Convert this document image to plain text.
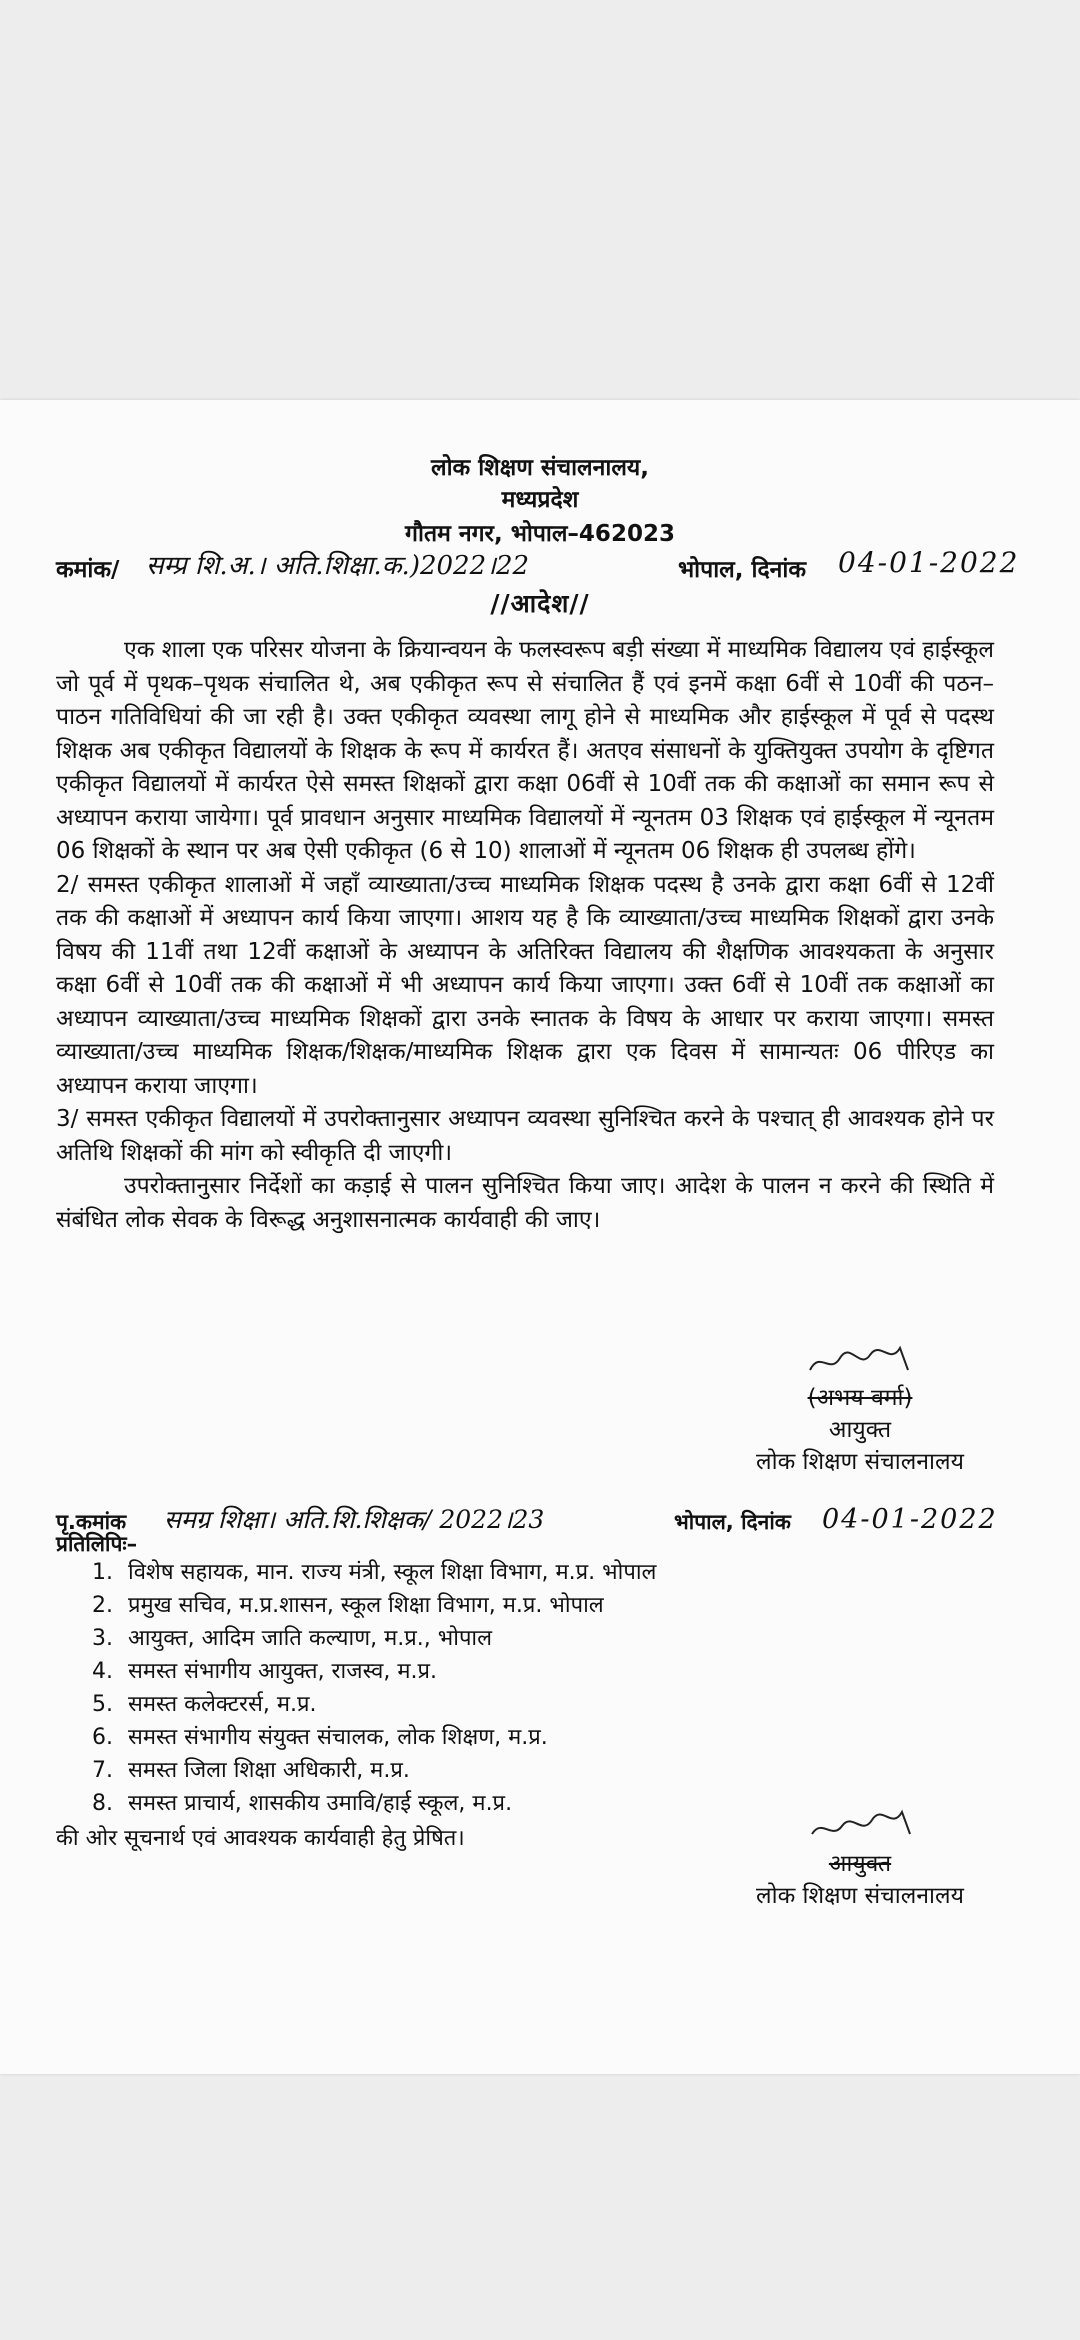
लोक शिक्षण संचालनालय,
मध्यप्रदेश
गौतम नगर, भोपाल–462023
कमांक/ सम्प्र शि.अ.। अति.शिक्षा.क.)2022।22	भोपाल, दिनांक 04-01-2022
//आदेश//

एक शाला एक परिसर योजना के क्रियान्वयन के फलस्वरूप बड़ी संख्या में माध्यमिक विद्यालय एवं हाईस्कूल जो पूर्व में पृथक–पृथक संचालित थे, अब एकीकृत रूप से संचालित हैं एवं इनमें कक्षा 6वीं से 10वीं की पठन–पाठन गतिविधियां की जा रही है। उक्त एकीकृत व्यवस्था लागू होने से माध्यमिक और हाईस्कूल में पूर्व से पदस्थ शिक्षक अब एकीकृत विद्यालयों के शिक्षक के रूप में कार्यरत हैं। अतएव संसाधनों के युक्तियुक्त उपयोग के दृष्टिगत एकीकृत विद्यालयों में कार्यरत ऐसे समस्त शिक्षकों द्वारा कक्षा 06वीं से 10वीं तक की कक्षाओं का समान रूप से अध्यापन कराया जायेगा। पूर्व प्रावधान अनुसार माध्यमिक विद्यालयों में न्यूनतम 03 शिक्षक एवं हाईस्कूल में न्यूनतम 06 शिक्षकों के स्थान पर अब ऐसी एकीकृत (6 से 10) शालाओं में न्यूनतम 06 शिक्षक ही उपलब्ध होंगे।

2/ समस्त एकीकृत शालाओं में जहाँ व्याख्याता/उच्च माध्यमिक शिक्षक पदस्थ है उनके द्वारा कक्षा 6वीं से 12वीं तक की कक्षाओं में अध्यापन कार्य किया जाएगा। आशय यह है कि व्याख्याता/उच्च माध्यमिक शिक्षकों द्वारा उनके विषय की 11वीं तथा 12वीं कक्षाओं के अध्यापन के अतिरिक्त विद्यालय की शैक्षणिक आवश्यकता के अनुसार कक्षा 6वीं से 10वीं तक की कक्षाओं में भी अध्यापन कार्य किया जाएगा। उक्त 6वीं से 10वीं तक कक्षाओं का अध्यापन व्याख्याता/उच्च माध्यमिक शिक्षकों द्वारा उनके स्नातक के विषय के आधार पर कराया जाएगा। समस्त व्याख्याता/उच्च माध्यमिक शिक्षक/शिक्षक/माध्यमिक शिक्षक द्वारा एक दिवस में सामान्यतः 06 पीरिएड का अध्यापन कराया जाएगा।

3/ समस्त एकीकृत विद्यालयों में उपरोक्तानुसार अध्यापन व्यवस्था सुनिश्चित करने के पश्चात् ही आवश्यक होने पर अतिथि शिक्षकों की मांग को स्वीकृति दी जाएगी।

उपरोक्तानुसार निर्देशों का कड़ाई से पालन सुनिश्चित किया जाए। आदेश के पालन न करने की स्थिति में संबंधित लोक सेवक के विरूद्ध अनुशासनात्मक कार्यवाही की जाए।

(अभय वर्मा)
आयुक्त
लोक शिक्षण संचालनालय
पृ.कमांक समग्र शिक्षा। अति.शि.शिक्षक/ 2022।23	भोपाल, दिनांक 04-01-2022
प्रतिलिपिः–
1. विशेष सहायक, मान. राज्य मंत्री, स्कूल शिक्षा विभाग, म.प्र. भोपाल
2. प्रमुख सचिव, म.प्र.शासन, स्कूल शिक्षा विभाग, म.प्र. भोपाल
3. आयुक्त, आदिम जाति कल्याण, म.प्र., भोपाल
4. समस्त संभागीय आयुक्त, राजस्व, म.प्र.
5. समस्त कलेक्टरर्स, म.प्र.
6. समस्त संभागीय संयुक्त संचालक, लोक शिक्षण, म.प्र.
7. समस्त जिला शिक्षा अधिकारी, म.प्र.
8. समस्त प्राचार्य, शासकीय उमावि/हाई स्कूल, म.प्र.
की ओर सूचनार्थ एवं आवश्यक कार्यवाही हेतु प्रेषित।
आयुक्त
लोक शिक्षण संचालनालय
